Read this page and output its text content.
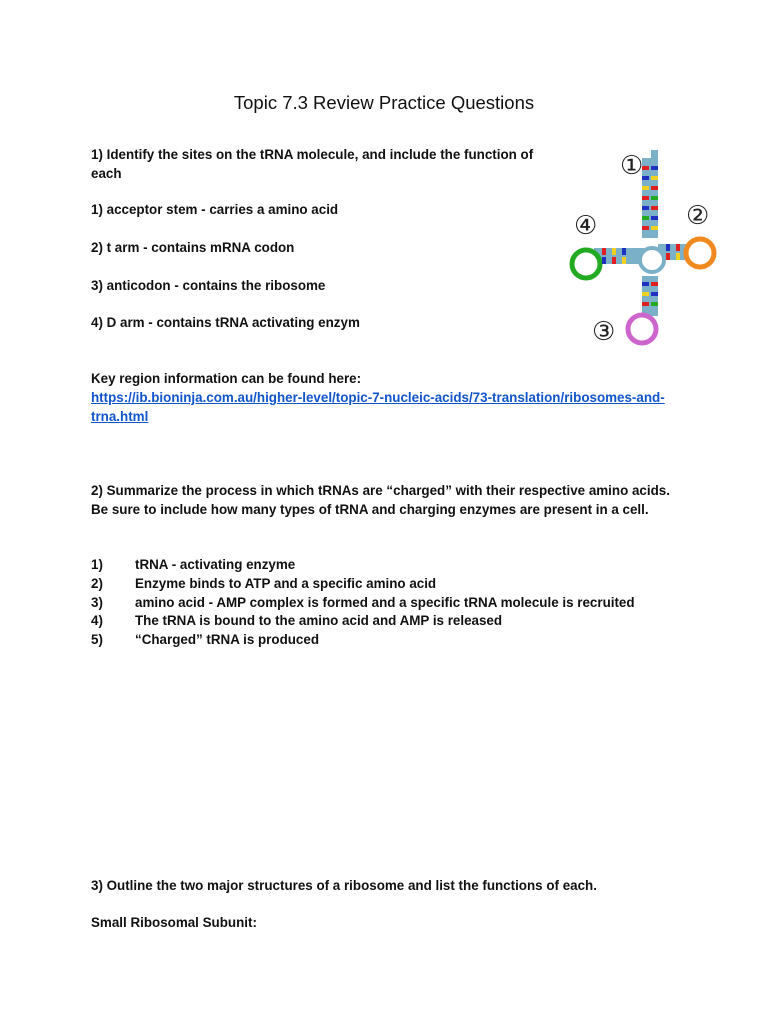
Topic 7.3 Review Practice Questions
1) Identify the sites on the tRNA molecule, and include the function of each
1) acceptor stem - carries a amino acid
2) t arm - contains mRNA codon
3) anticodon - contains the ribosome
4) D arm - contains tRNA activating enzym
Key region information can be found here:
https://ib.bioninja.com.au/higher-level/topic-7-nucleic-acids/73-translation/ribosomes-and-trna.html
①
②
③
④
2) Summarize the process in which tRNAs are “charged” with their respective amino acids. Be sure to include how many types of tRNA and charging enzymes are present in a cell.
1)	tRNA - activating enzyme
2)	Enzyme binds to ATP and a specific amino acid
3)	amino acid - AMP complex is formed and a specific tRNA molecule is recruited
4)	The tRNA is bound to the amino acid and AMP is released
5)	“Charged” tRNA is produced
3) Outline the two major structures of a ribosome and list the functions of each.
Small Ribosomal Subunit:
